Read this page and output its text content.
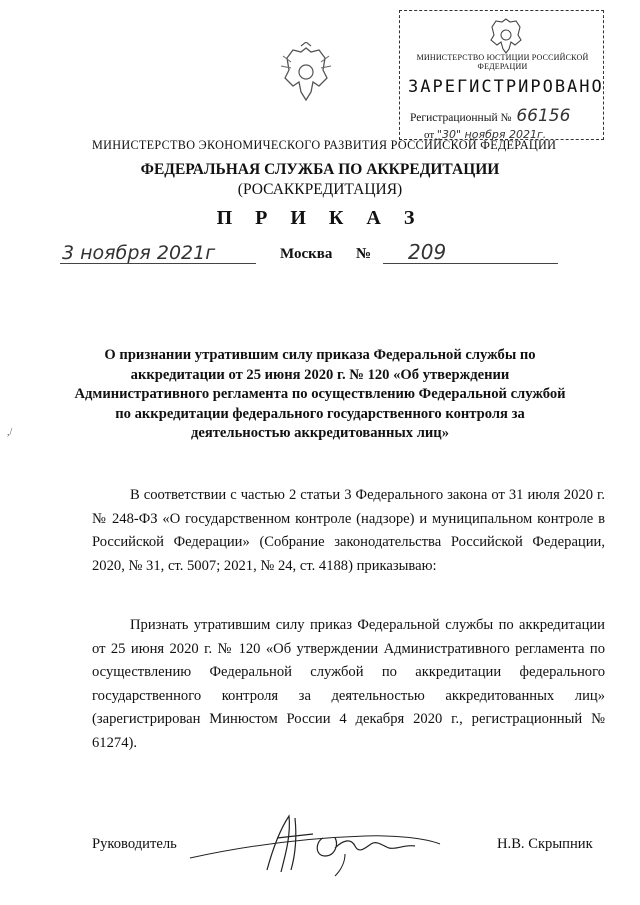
МИНИСТЕРСТВО ЮСТИЦИИ РОССИЙСКОЙ ФЕДЕРАЦИИ
ЗАРЕГИСТРИРОВАНО
Регистрационный № 66156
от "30" ноября 2021г.
МИНИСТЕРСТВО ЭКОНОМИЧЕСКОГО РАЗВИТИЯ РОССИЙСКОЙ ФЕДЕРАЦИИ
ФЕДЕРАЛЬНАЯ СЛУЖБА ПО АККРЕДИТАЦИИ
(РОСАККРЕДИТАЦИЯ)
П Р И К А З
3 ноября 2021г	Москва № 209
О признании утратившим силу приказа Федеральной службы по аккредитации от 25 июня 2020 г. № 120 «Об утверждении Административного регламента по осуществлению Федеральной службой по аккредитации федерального государственного контроля за деятельностью аккредитованных лиц»
,/
В соответствии с частью 2 статьи 3 Федерального закона от 31 июля 2020 г. № 248-ФЗ «О государственном контроле (надзоре) и муниципальном контроле в Российской Федерации» (Собрание законодательства Российской Федерации, 2020, № 31, ст. 5007; 2021, № 24, ст. 4188) приказываю:
Признать утратившим силу приказ Федеральной службы по аккредитации от 25 июня 2020 г. № 120 «Об утверждении Административного регламента по осуществлению Федеральной службой по аккредитации федерального государственного контроля за деятельностью аккредитованных лиц» (зарегистрирован Минюстом России 4 декабря 2020 г., регистрационный № 61274).
Руководитель	Н.В. Скрыпник
